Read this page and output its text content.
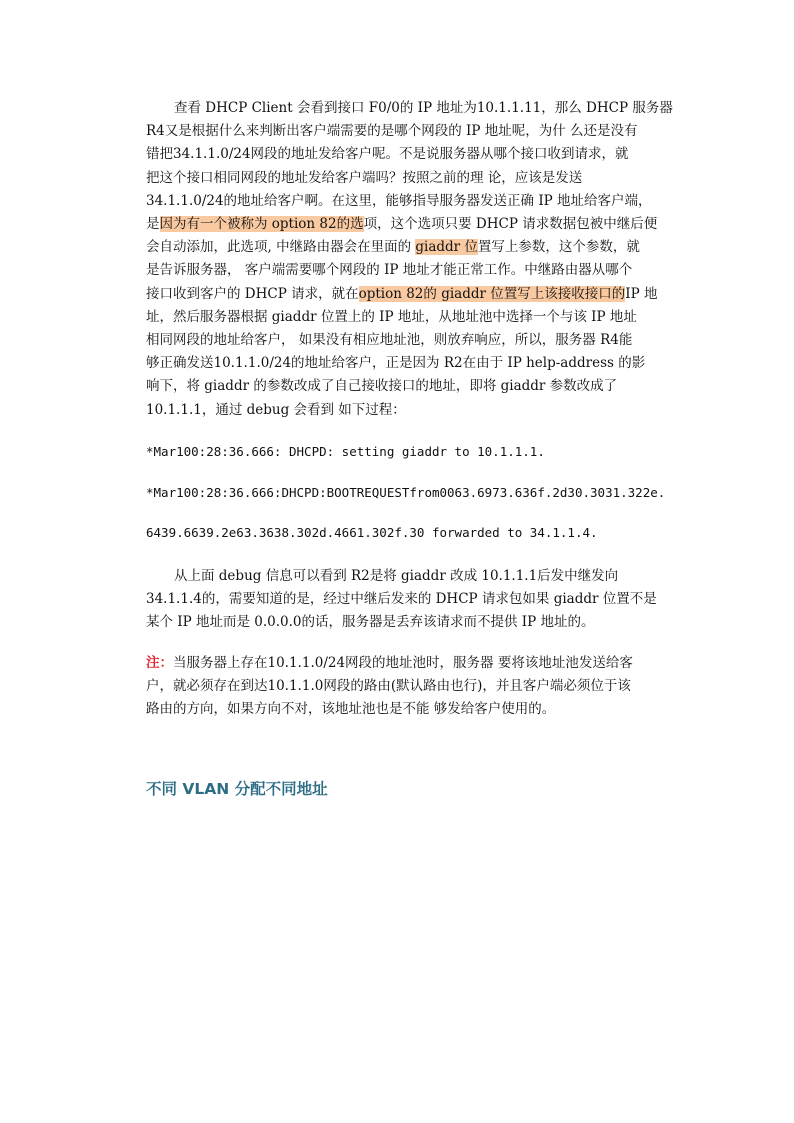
查看 DHCP Client 会看到接口 F0/0的 IP 地址为10.1.1.11，那么 DHCP 服务器
R4又是根据什么来判断出客户端需要的是哪个网段的 IP 地址呢，为什 么还是没有
错把34.1.1.0/24网段的地址发给客户呢。不是说服务器从哪个接口收到请求，就
把这个接口相同网段的地址发给客户端吗？按照之前的理 论，应该是发送
34.1.1.0/24的地址给客户啊。在这里，能够指导服务器发送正确 IP 地址给客户端，
是因为有一个被称为 option 82的选项，这个选项只要 DHCP 请求数据包被中继后便
会自动添加，此选项, 中继路由器会在里面的 giaddr 位置写上参数，这个参数，就
是告诉服务器， 客户端需要哪个网段的 IP 地址才能正常工作。中继路由器从哪个
接口收到客户的 DHCP 请求，就在option 82的 giaddr 位置写上该接收接口的IP 地
址，然后服务器根据 giaddr 位置上的 IP 地址，从地址池中选择一个与该 IP 地址
相同网段的地址给客户， 如果没有相应地址池，则放弃响应，所以，服务器 R4能
够正确发送10.1.1.0/24的地址给客户，正是因为 R2在由于 IP help-address 的影
响下，将 giaddr 的参数改成了自己接收接口的地址，即将 giaddr 参数改成了
10.1.1.1，通过 debug 会看到 如下过程：
*Mar100:28:36.666: DHCPD: setting giaddr to 10.1.1.1.
*Mar100:28:36.666:DHCPD:BOOTREQUESTfrom0063.6973.636f.2d30.3031.322e.
6439.6639.2e63.3638.302d.4661.302f.30 forwarded to 34.1.1.4.
从上面 debug 信息可以看到 R2是将 giaddr 改成 10.1.1.1后发中继发向
34.1.1.4的，需要知道的是，经过中继后发来的 DHCP 请求包如果 giaddr 位置不是
某个 IP 地址而是 0.0.0.0的话，服务器是丢弃该请求而不提供 IP 地址的。
注：当服务器上存在10.1.1.0/24网段的地址池时，服务器 要将该地址池发送给客
户，就必须存在到达10.1.1.0网段的路由(默认路由也行)，并且客户端必须位于该
路由的方向，如果方向不对，该地址池也是不能 够发给客户使用的。
不同 VLAN 分配不同地址
